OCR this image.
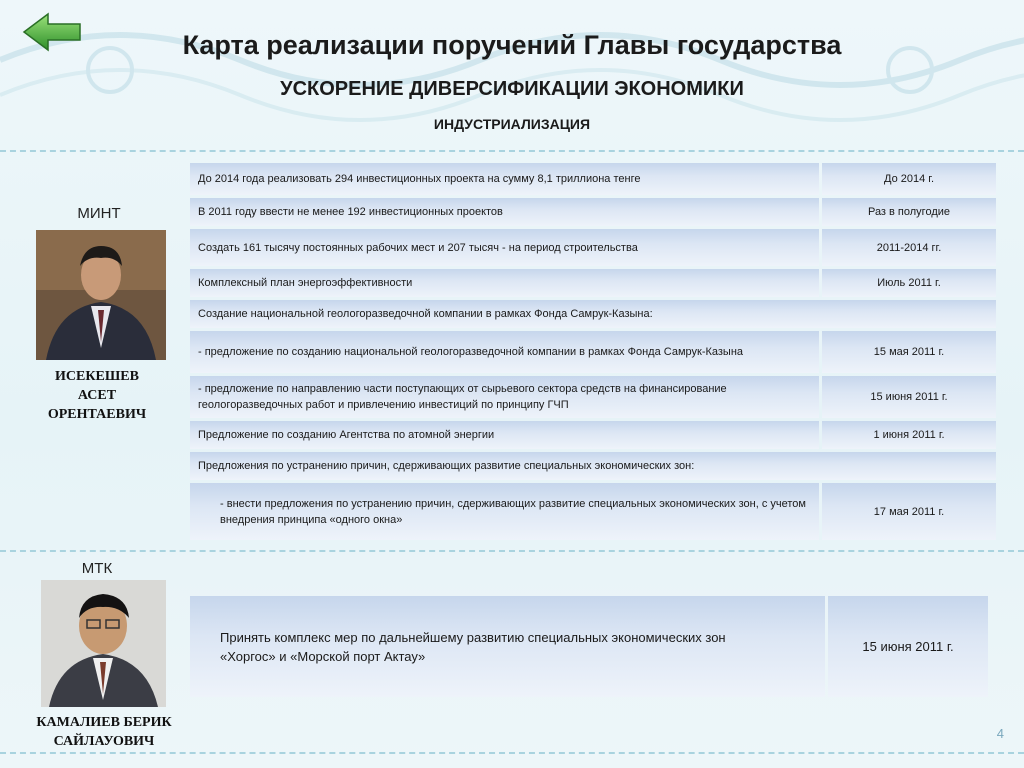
Карта реализации поручений Главы государства
УСКОРЕНИЕ ДИВЕРСИФИКАЦИИ ЭКОНОМИКИ
ИНДУСТРИАЛИЗАЦИЯ
МИНТ
ИСЕКЕШЕВ
АСЕТ
ОРЕНТАЕВИЧ
До 2014 года реализовать 294 инвестиционных проекта на сумму 8,1 триллиона тенге	До 2014 г.
В 2011 году ввести не менее 192 инвестиционных проектов	Раз в полугодие
Создать 161 тысячу постоянных рабочих мест и 207 тысяч - на период строительства	2011-2014 гг.
Комплексный план энергоэффективности	Июль 2011 г.
Создание национальной геологоразведочной компании в рамках Фонда Самрук-Казына:	
- предложение по созданию национальной геологоразведочной компании в рамках Фонда Самрук-Казына	15 мая 2011 г.
- предложение по направлению части поступающих от сырьевого сектора средств на финансирование геологоразведочных работ и привлечению инвестиций по принципу ГЧП	15 июня 2011 г.
Предложение по созданию Агентства по атомной энергии	1 июня 2011 г.
Предложения по устранению причин, сдерживающих развитие специальных экономических зон:	
- внести предложения по устранению причин, сдерживающих развитие специальных экономических зон, с учетом внедрения принципа «одного окна»	17 мая 2011 г.
МТК
КАМАЛИЕВ БЕРИК
САЙЛАУОВИЧ
Принять комплекс мер по дальнейшему развитию специальных экономических зон «Хоргос» и «Морской порт Актау»	15 июня 2011 г.
4
